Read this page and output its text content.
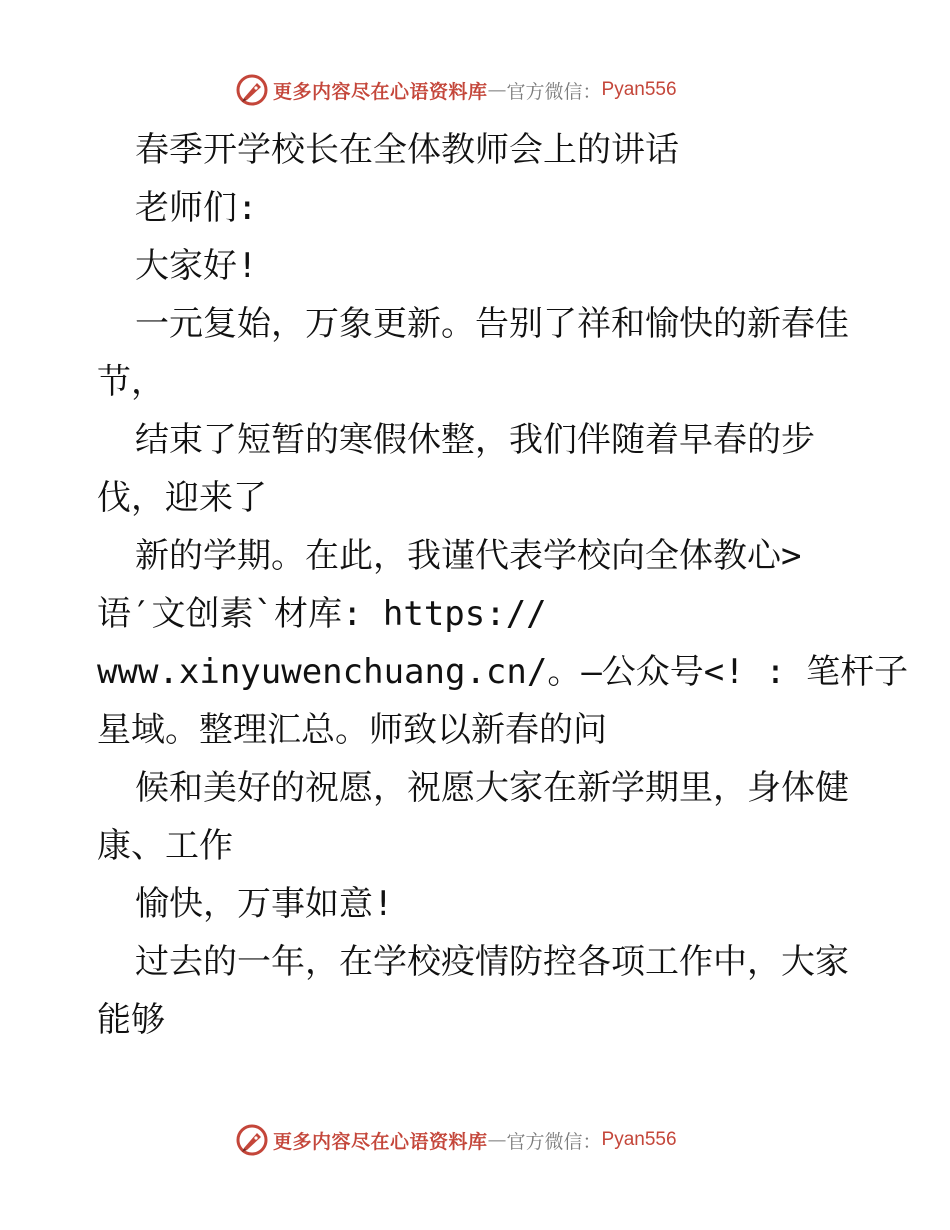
更多内容尽在心语资料库 — 官方微信： Pyan556
春季开学校长在全体教师会上的讲话
老师们:
大家好!
一元复始，万象更新。告别了祥和愉快的新春佳
节，
结束了短暂的寒假休整，我们伴随着早春的步
伐，迎来了
新的学期。在此，我谨代表学校向全体教心>
语′文创素`材库: https://
www.xinyuwenchuang.cn/。—公众号<! : 笔杆子
星域。整理汇总。师致以新春的问
候和美好的祝愿，祝愿大家在新学期里，身体健
康、工作
愉快，万事如意!
过去的一年，在学校疫情防控各项工作中，大家
能够
更多内容尽在心语资料库 — 官方微信： Pyan556
